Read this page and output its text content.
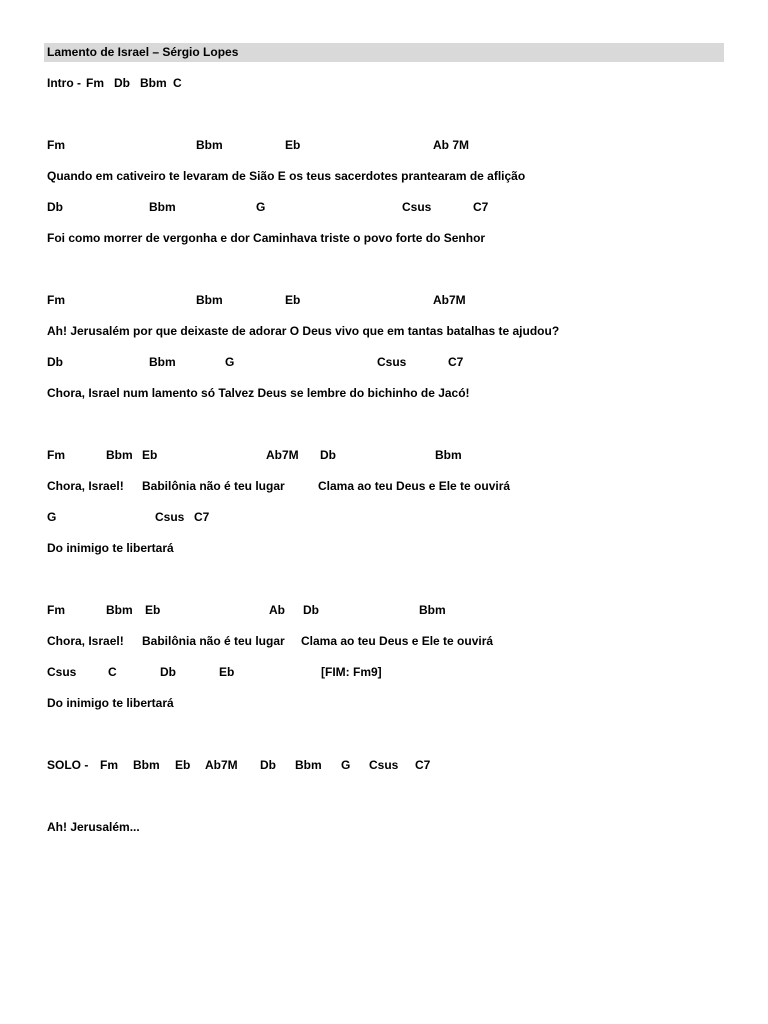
Lamento de Israel – Sérgio Lopes
Intro - Fm Db Bbm C
Fm	Bbm	Eb	Ab 7M
Quando em cativeiro te levaram de Sião E os teus sacerdotes prantearam de aflição
Db	Bbm	G	Csus	C7
Foi como morrer de vergonha e dor Caminhava triste o povo forte do Senhor
Fm	Bbm	Eb	Ab7M
Ah! Jerusalém por que deixaste de adorar O Deus vivo que em tantas batalhas te ajudou?
Db	Bbm	G	Csus	C7
Chora, Israel num lamento só Talvez Deus se lembre do bichinho de Jacó!
Fm	Bbm Eb	Ab7M Db	Bbm
Chora, Israel! Babilônia não é teu lugar	Clama ao teu Deus e Ele te ouvirá
G	Csus C7
Do inimigo te libertará
Fm	Bbm Eb	Ab Db	Bbm
Chora, Israel! Babilônia não é teu lugar Clama ao teu Deus e Ele te ouvirá
Csus	C	Db	Eb	[FIM: Fm9]
Do inimigo te libertará
SOLO - Fm Bbm Eb Ab7M Db Bbm G Csus C7
Ah! Jerusalém...
